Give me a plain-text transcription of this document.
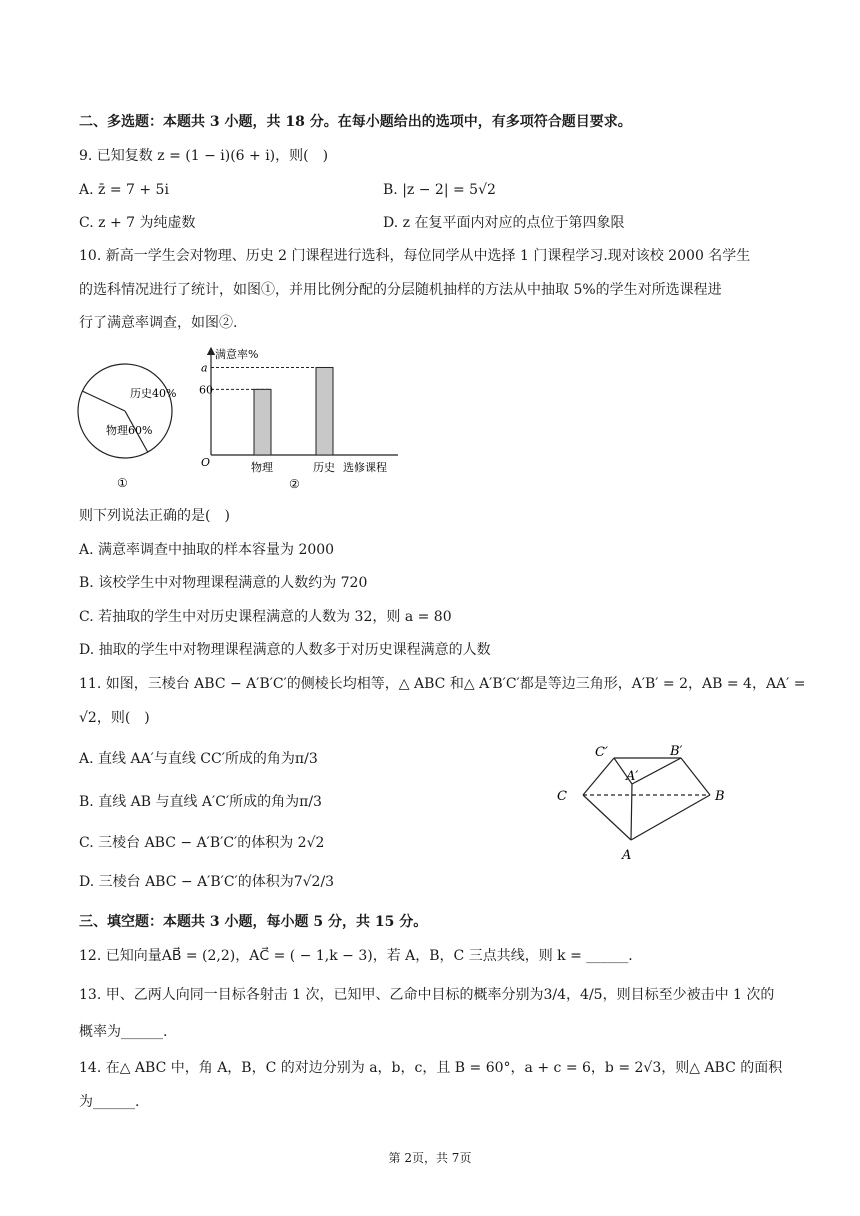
二、多选题：本题共 3 小题，共 18 分。在每小题给出的选项中，有多项符合题目要求。
9. 已知复数 z = (1 − i)(6 + i)，则(　)
A. z̄ = 7 + 5i	B. |z − 2| = 5√2
C. z + 7 为纯虚数	D. z 在复平面内对应的点位于第四象限
10. 新高一学生会对物理、历史 2 门课程进行选科，每位同学从中选择 1 门课程学习.现对该校 2000 名学生
的选科情况进行了统计，如图①，并用比例分配的分层随机抽样的方法从中抽取 5%的学生对所选课程进
行了满意率调查，如图②.
历史40%
物理60%
①
满意率%
O
60
a
物理	历史 选修课程
②
则下列说法正确的是(　)
A. 满意率调查中抽取的样本容量为 2000
B. 该校学生中对物理课程满意的人数约为 720
C. 若抽取的学生中对历史课程满意的人数为 32，则 a = 80
D. 抽取的学生中对物理课程满意的人数多于对历史课程满意的人数
11. 如图，三棱台 ABC − A′B′C′的侧棱长均相等，△ ABC 和△ A′B′C′都是等边三角形，A′B′ = 2，AB = 4，AA′ =
√2，则(　)
A. 直线 AA′与直线 CC′所成的角为π/3
B. 直线 AB 与直线 A′C′所成的角为π/3
C. 三棱台 ABC − A′B′C′的体积为 2√2
D. 三棱台 ABC − A′B′C′的体积为7√2/3
C′	B′
A′
C	B
A
三、填空题：本题共 3 小题，每小题 5 分，共 15 分。
12. 已知向量AB⃗ = (2,2)，AC⃗ = ( − 1,k − 3)，若 A，B，C 三点共线，则 k = ______.
13. 甲、乙两人向同一目标各射击 1 次，已知甲、乙命中目标的概率分别为3/4，4/5，则目标至少被击中 1 次的
概率为______.
14. 在△ ABC 中，角 A，B，C 的对边分别为 a，b，c，且 B = 60°，a + c = 6，b = 2√3，则△ ABC 的面积
为______.
第 2页，共 7页
